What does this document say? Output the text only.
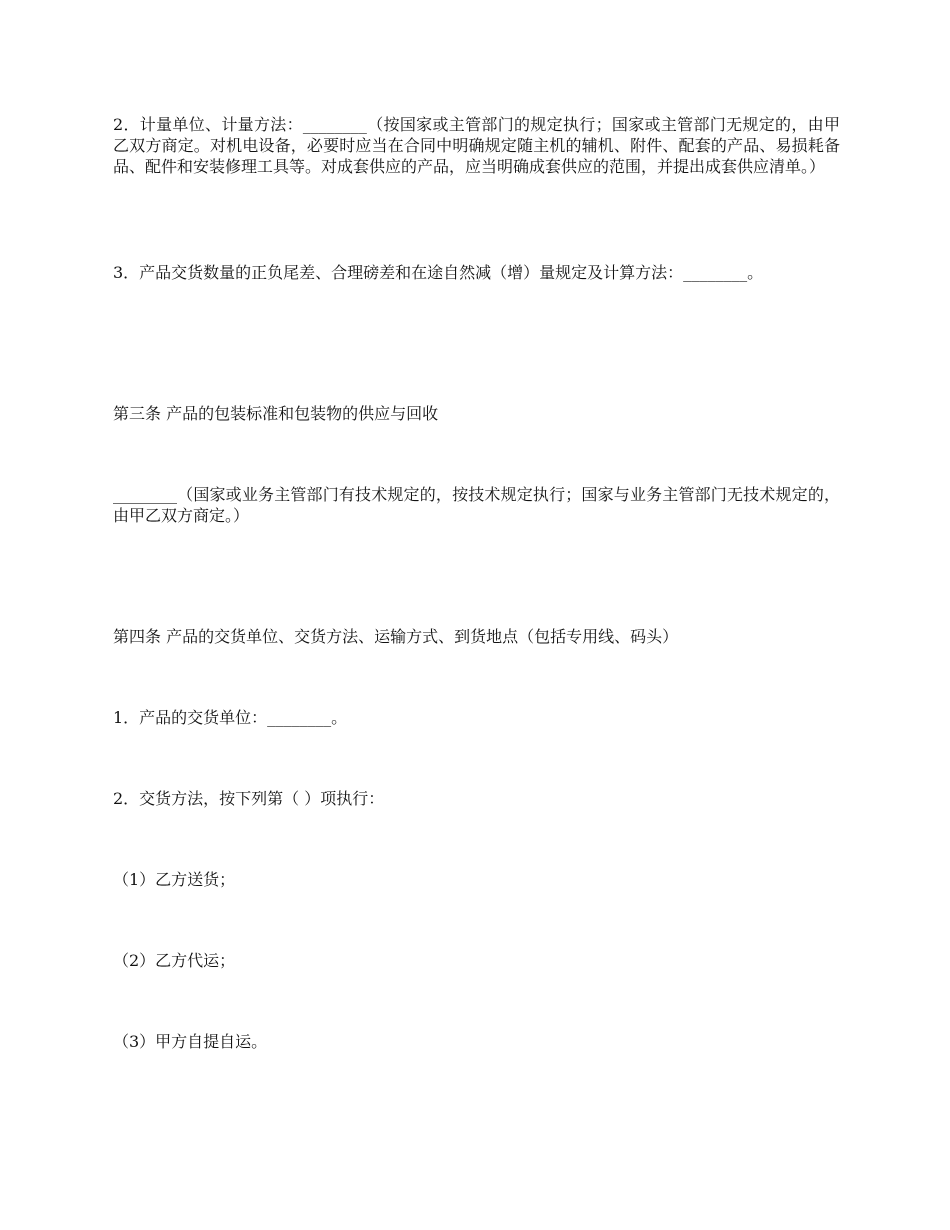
2．计量单位、计量方法：________（按国家或主管部门的规定执行；国家或主管部门无规定的，由甲乙双方商定。对机电设备，必要时应当在合同中明确规定随主机的辅机、附件、配套的产品、易损耗备品、配件和安装修理工具等。对成套供应的产品，应当明确成套供应的范围，并提出成套供应清单。）

3．产品交货数量的正负尾差、合理磅差和在途自然减（增）量规定及计算方法：________。

第三条 产品的包装标准和包装物的供应与回收

________（国家或业务主管部门有技术规定的，按技术规定执行；国家与业务主管部门无技术规定的，由甲乙双方商定。）

第四条 产品的交货单位、交货方法、运输方式、到货地点（包括专用线、码头）

1．产品的交货单位：________。

2．交货方法，按下列第（ ）项执行：

（1）乙方送货；

（2）乙方代运；

（3）甲方自提自运。
